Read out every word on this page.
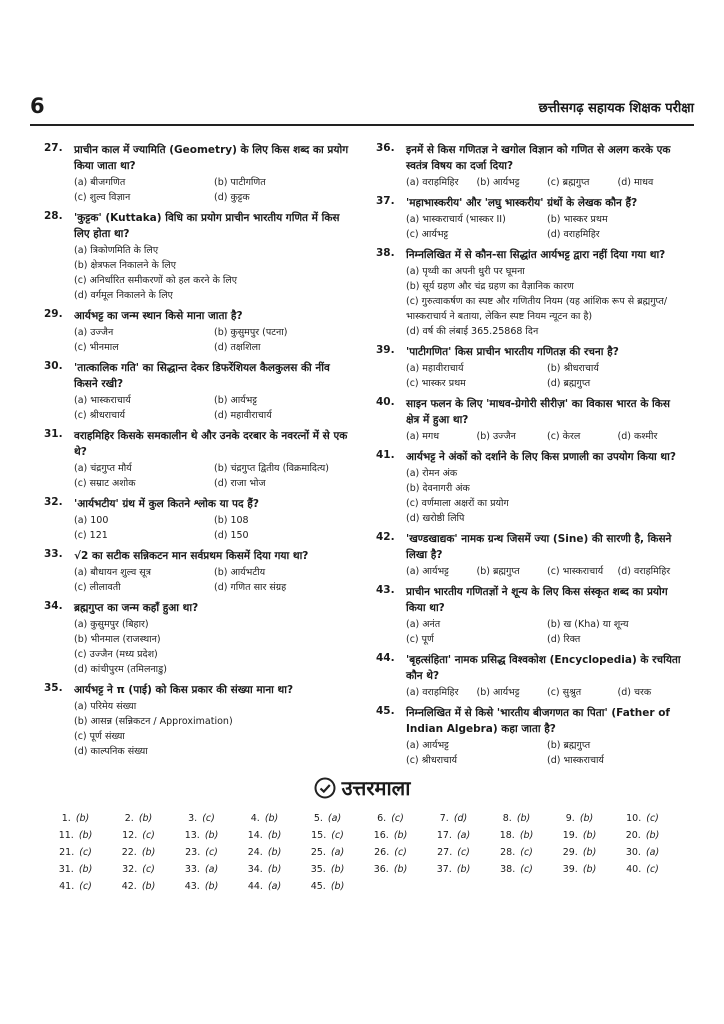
6	छत्तीसगढ़ सहायक शिक्षक परीक्षा
27. प्राचीन काल में ज्यामिति (Geometry) के लिए किस शब्द का प्रयोग किया जाता था?
(a) बीजगणित	(b) पाटीगणित
(c) शुल्व विज्ञान	(d) कुट्टक
28. 'कुट्टक' (Kuttaka) विधि का प्रयोग प्राचीन भारतीय गणित में किस लिए होता था?
(a) त्रिकोणमिति के लिए
(b) क्षेत्रफल निकालने के लिए
(c) अनिर्धारित समीकरणों को हल करने के लिए
(d) वर्गमूल निकालने के लिए
29. आर्यभट्ट का जन्म स्थान किसे माना जाता है?
(a) उज्जैन	(b) कुसुमपुर (पटना)
(c) भीनमाल	(d) तक्षशिला
30. 'तात्कालिक गति' का सिद्धान्त देकर डिफरेंशियल कैलकुलस की नींव किसने रखी?
(a) भास्कराचार्य	(b) आर्यभट्ट
(c) श्रीधराचार्य	(d) महावीराचार्य
31. वराहमिहिर किसके समकालीन थे और उनके दरबार के नवरत्नों में से एक थे?
(a) चंद्रगुप्त मौर्य	(b) चंद्रगुप्त द्वितीय (विक्रमादित्य)
(c) सम्राट अशोक	(d) राजा भोज
32. 'आर्यभटीय' ग्रंथ में कुल कितने श्लोक या पद हैं?
(a) 100	(b) 108
(c) 121	(d) 150
33. √2 का सटीक सन्निकटन मान सर्वप्रथम किसमें दिया गया था?
(a) बौधायन शुल्व सूत्र	(b) आर्यभटीय
(c) लीलावती	(d) गणित सार संग्रह
34. ब्रह्मगुप्त का जन्म कहाँ हुआ था?
(a) कुसुमपुर (बिहार)
(b) भीनमाल (राजस्थान)
(c) उज्जैन (मध्य प्रदेश)
(d) कांचीपुरम (तमिलनाडु)
35. आर्यभट्ट ने π (पाई) को किस प्रकार की संख्या माना था?
(a) परिमेय संख्या
(b) आसन्न (सन्निकटन / Approximation)
(c) पूर्ण संख्या
(d) काल्पनिक संख्या
36. इनमें से किस गणितज्ञ ने खगोल विज्ञान को गणित से अलग करके एक स्वतंत्र विषय का दर्जा दिया?
(a) वराहमिहिर	(b) आर्यभट्ट	(c) ब्रह्मगुप्त	(d) माधव
37. 'महाभास्करीय' और 'लघु भास्करीय' ग्रंथों के लेखक कौन हैं?
(a) भास्कराचार्य (भास्कर II)	(b) भास्कर प्रथम
(c) आर्यभट्ट	(d) वराहमिहिर
38. निम्नलिखित में से कौन-सा सिद्धांत आर्यभट्ट द्वारा नहीं दिया गया था?
(a) पृथ्वी का अपनी धुरी पर घूमना
(b) सूर्य ग्रहण और चंद्र ग्रहण का वैज्ञानिक कारण
(c) गुरुत्वाकर्षण का स्पष्ट और गणितीय नियम (यह आंशिक रूप से ब्रह्मगुप्त/भास्कराचार्य ने बताया, लेकिन स्पष्ट नियम न्यूटन का है)
(d) वर्ष की लंबाई 365.25868 दिन
39. 'पाटीगणित' किस प्राचीन भारतीय गणितज्ञ की रचना है?
(a) महावीराचार्य	(b) श्रीधराचार्य
(c) भास्कर प्रथम	(d) ब्रह्मगुप्त
40. साइन फलन के लिए 'माधव-ग्रेगोरी सीरीज़' का विकास भारत के किस क्षेत्र में हुआ था?
(a) मगध	(b) उज्जैन	(c) केरल	(d) कश्मीर
41. आर्यभट्ट ने अंकों को दर्शाने के लिए किस प्रणाली का उपयोग किया था?
(a) रोमन अंक
(b) देवनागरी अंक
(c) वर्णमाला अक्षरों का प्रयोग
(d) खरोष्ठी लिपि
42. 'खण्डखाद्यक' नामक ग्रन्थ जिसमें ज्या (Sine) की सारणी है, किसने लिखा है?
(a) आर्यभट्ट	(b) ब्रह्मगुप्त	(c) भास्कराचार्य	(d) वराहमिहिर
43. प्राचीन भारतीय गणितज्ञों ने शून्य के लिए किस संस्कृत शब्द का प्रयोग किया था?
(a) अनंत	(b) ख (Kha) या शून्य
(c) पूर्ण	(d) रिक्त
44. 'बृहत्संहिता' नामक प्रसिद्ध विश्वकोश (Encyclopedia) के रचयिता कौन थे?
(a) वराहमिहिर	(b) आर्यभट्ट	(c) सुश्रुत	(d) चरक
45. निम्नलिखित में से किसे 'भारतीय बीजगणत का पिता' (Father of Indian Algebra) कहा जाता है?
(a) आर्यभट्ट	(b) ब्रह्मगुप्त
(c) श्रीधराचार्य	(d) भास्कराचार्य
उत्तरमाला
1. (b)	2. (b)	3. (c)	4. (b)	5. (a)	6. (c)	7. (d)	8. (b)	9. (b)	10. (c)
11. (b)	12. (c)	13. (b)	14. (b)	15. (c)	16. (b)	17. (a)	18. (b)	19. (b)	20. (b)
21. (c)	22. (b)	23. (c)	24. (b)	25. (a)	26. (c)	27. (c)	28. (c)	29. (b)	30. (a)
31. (b)	32. (c)	33. (a)	34. (b)	35. (b)	36. (b)	37. (b)	38. (c)	39. (b)	40. (c)
41. (c)	42. (b)	43. (b)	44. (a)	45. (b)
